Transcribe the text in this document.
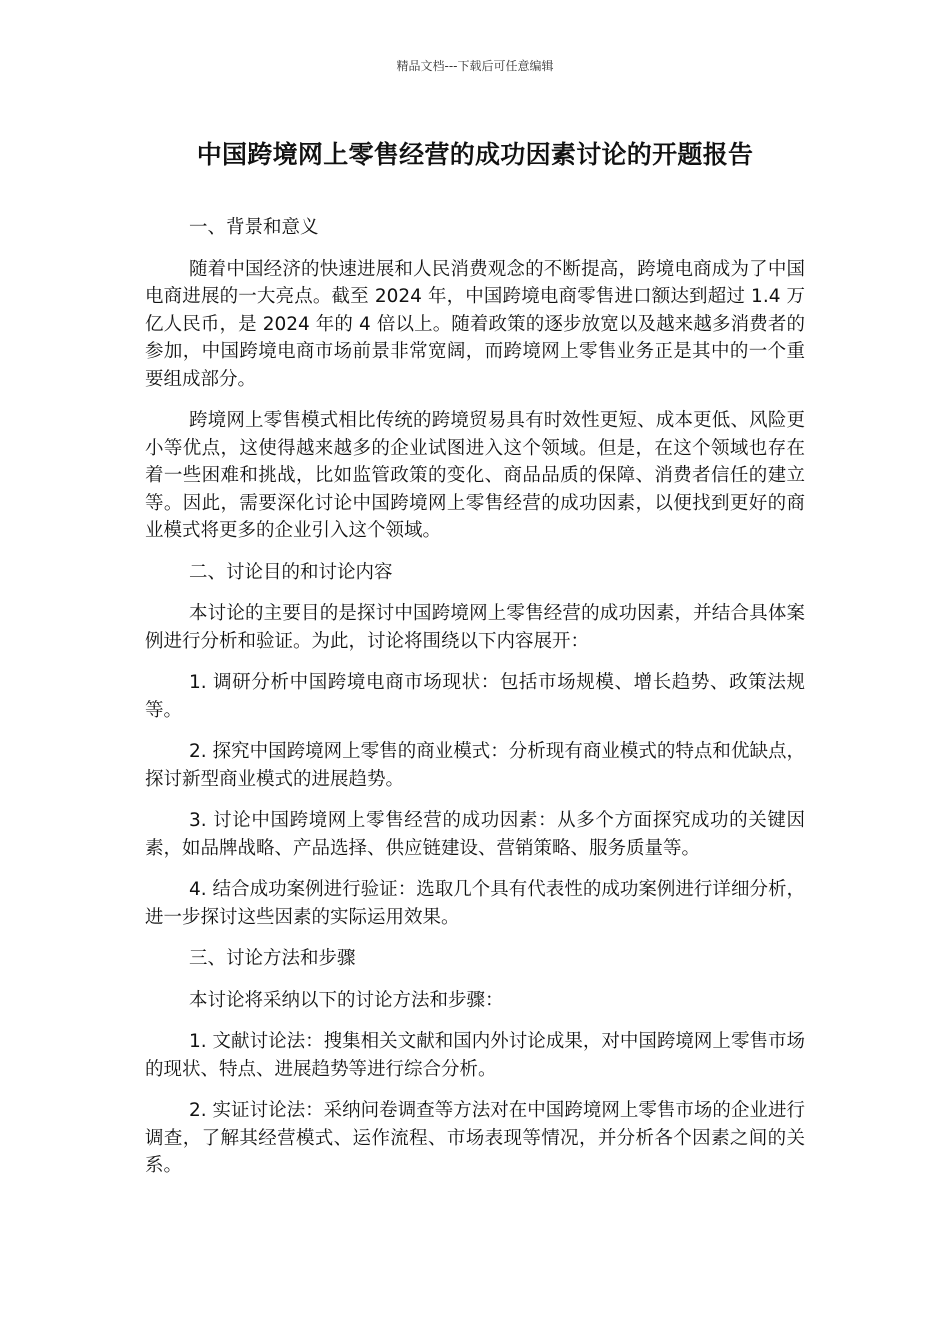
精品文档---下载后可任意编辑
中国跨境网上零售经营的成功因素讨论的开题报告

一、背景和意义

随着中国经济的快速进展和人民消费观念的不断提高，跨境电商成为了中国电商进展的一大亮点。截至 2024 年，中国跨境电商零售进口额达到超过 1.4 万亿人民币，是 2024 年的 4 倍以上。随着政策的逐步放宽以及越来越多消费者的参加，中国跨境电商市场前景非常宽阔，而跨境网上零售业务正是其中的一个重要组成部分。

跨境网上零售模式相比传统的跨境贸易具有时效性更短、成本更低、风险更小等优点，这使得越来越多的企业试图进入这个领域。但是，在这个领域也存在着一些困难和挑战，比如监管政策的变化、商品品质的保障、消费者信任的建立等。因此，需要深化讨论中国跨境网上零售经营的成功因素，以便找到更好的商业模式将更多的企业引入这个领域。

二、讨论目的和讨论内容

本讨论的主要目的是探讨中国跨境网上零售经营的成功因素，并结合具体案例进行分析和验证。为此，讨论将围绕以下内容展开：

1. 调研分析中国跨境电商市场现状：包括市场规模、增长趋势、政策法规等。

2. 探究中国跨境网上零售的商业模式：分析现有商业模式的特点和优缺点，探讨新型商业模式的进展趋势。

3. 讨论中国跨境网上零售经营的成功因素：从多个方面探究成功的关键因素，如品牌战略、产品选择、供应链建设、营销策略、服务质量等。

4. 结合成功案例进行验证：选取几个具有代表性的成功案例进行详细分析，进一步探讨这些因素的实际运用效果。

三、讨论方法和步骤

本讨论将采纳以下的讨论方法和步骤：

1. 文献讨论法：搜集相关文献和国内外讨论成果，对中国跨境网上零售市场的现状、特点、进展趋势等进行综合分析。

2. 实证讨论法：采纳问卷调查等方法对在中国跨境网上零售市场的企业进行调查，了解其经营模式、运作流程、市场表现等情况，并分析各个因素之间的关系。
